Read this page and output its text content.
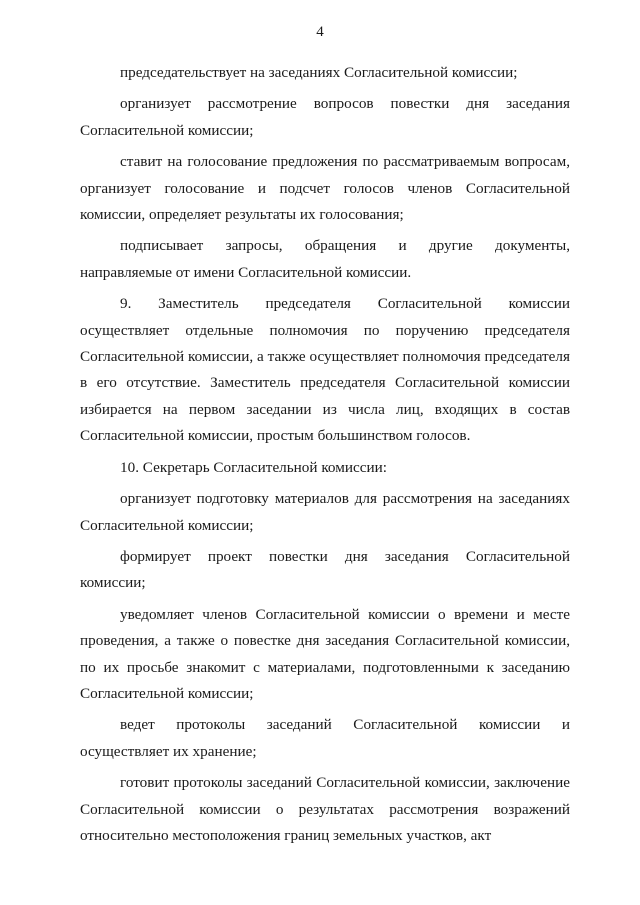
4

председательствует на заседаниях Согласительной комиссии;

организует рассмотрение вопросов повестки дня заседания Согласительной комиссии;

ставит на голосование предложения по рассматриваемым вопросам, организует голосование и подсчет голосов членов Согласительной комиссии, определяет результаты их голосования;

подписывает запросы, обращения и другие документы, направляемые от имени Согласительной комиссии.

9. Заместитель председателя Согласительной комиссии осуществляет отдельные полномочия по поручению председателя Согласительной комиссии, а также осуществляет полномочия председателя в его отсутствие. Заместитель председателя Согласительной комиссии избирается на первом заседании из числа лиц, входящих в состав Согласительной комиссии, простым большинством голосов.

10. Секретарь Согласительной комиссии:

организует подготовку материалов для рассмотрения на заседаниях Согласительной комиссии;

формирует проект повестки дня заседания Согласительной комиссии;

уведомляет членов Согласительной комиссии о времени и месте проведения, а также о повестке дня заседания Согласительной комиссии, по их просьбе знакомит с материалами, подготовленными к заседанию Согласительной комиссии;

ведет протоколы заседаний Согласительной комиссии и осуществляет их хранение;

готовит протоколы заседаний Согласительной комиссии, заключение Согласительной комиссии о результатах рассмотрения возражений относительно местоположения границ земельных участков, акт
